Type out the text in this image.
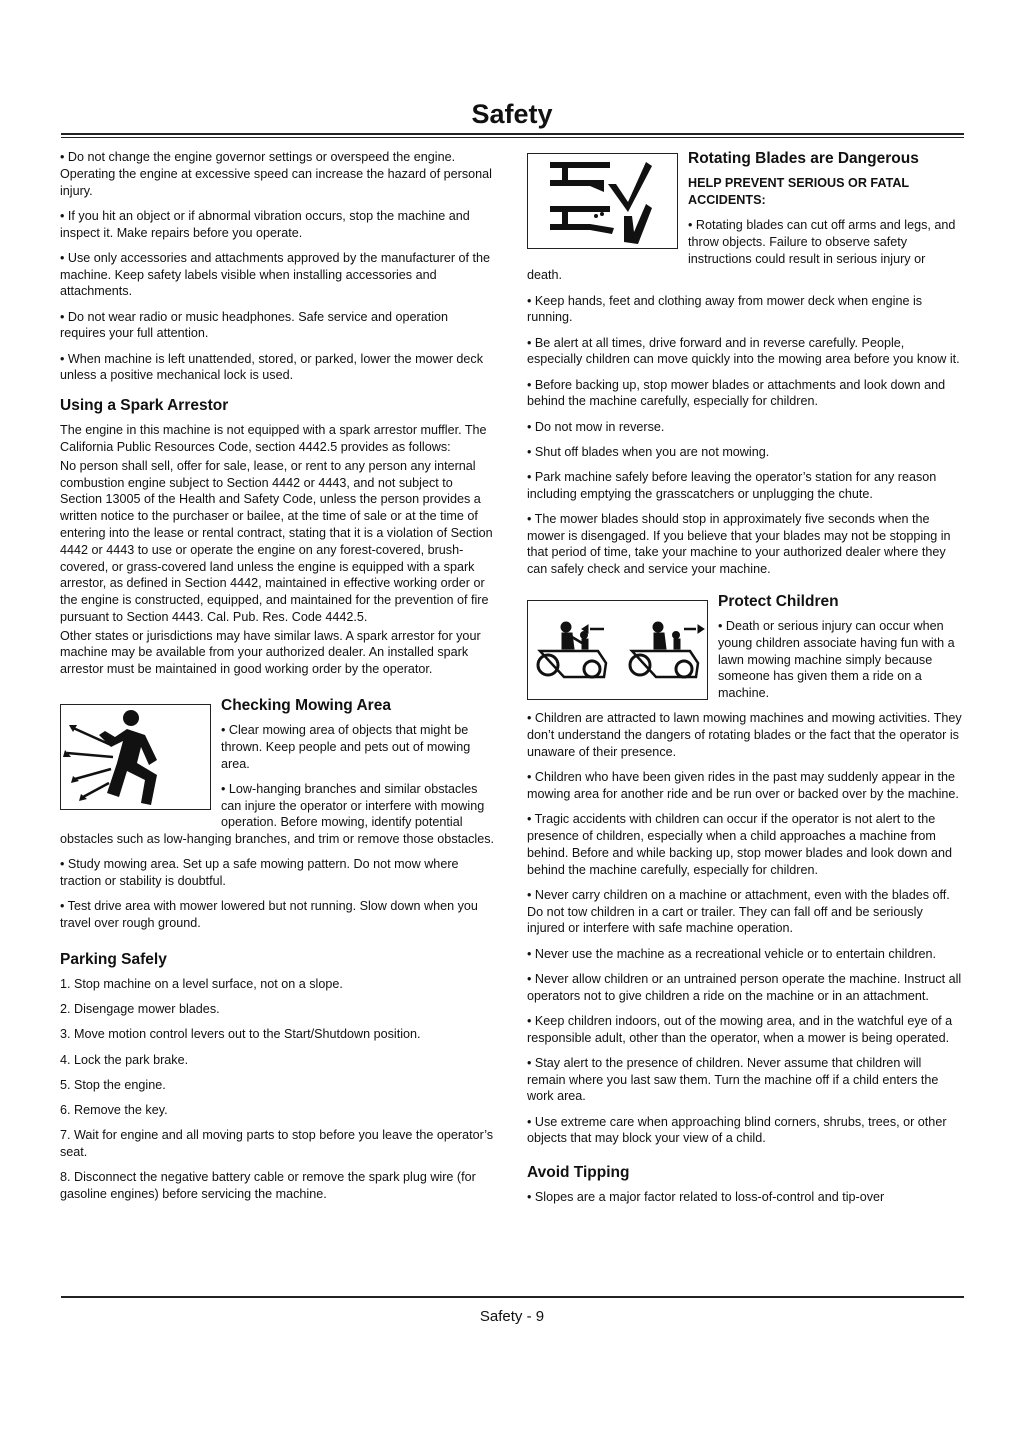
Safety

• Do not change the engine governor settings or overspeed the engine. Operating the engine at excessive speed can increase the hazard of personal injury.

• If you hit an object or if abnormal vibration occurs, stop the machine and inspect it. Make repairs before you operate.

• Use only accessories and attachments approved by the manufacturer of the machine. Keep safety labels visible when installing accessories and attachments.

• Do not wear radio or music headphones. Safe service and operation requires your full attention.

• When machine is left unattended, stored, or parked, lower the mower deck unless a positive mechanical lock is used.

Using a Spark Arrestor

The engine in this machine is not equipped with a spark arrestor muffler. The California Public Resources Code, section 4442.5 provides as follows:

No person shall sell, offer for sale, lease, or rent to any person any internal combustion engine subject to Section 4442 or 4443, and not subject to Section 13005 of the Health and Safety Code, unless the person provides a written notice to the purchaser or bailee, at the time of sale or at the time of entering into the lease or rental contract, stating that it is a violation of Section 4442 or 4443 to use or operate the engine on any forest-covered, brush-covered, or grass-covered land unless the engine is equipped with a spark arrestor, as defined in Section 4442, maintained in effective working order or the engine is constructed, equipped, and maintained for the prevention of fire pursuant to Section 4443. Cal. Pub. Res. Code 4442.5.

Other states or jurisdictions may have similar laws. A spark arrestor for your machine may be available from your authorized dealer. An installed spark arrestor must be maintained in good working order by the operator.

Checking Mowing Area

• Clear mowing area of objects that might be thrown. Keep people and pets out of mowing area.

• Low-hanging branches and similar obstacles can injure the operator or interfere with mowing operation. Before mowing, identify potential obstacles such as low-hanging branches, and trim or remove those obstacles.

• Study mowing area. Set up a safe mowing pattern. Do not mow where traction or stability is doubtful.

• Test drive area with mower lowered but not running. Slow down when you travel over rough ground.

Parking Safely

1. Stop machine on a level surface, not on a slope.

2. Disengage mower blades.

3. Move motion control levers out to the Start/Shutdown position.

4. Lock the park brake.

5. Stop the engine.

6. Remove the key.

7. Wait for engine and all moving parts to stop before you leave the operator’s seat.

8. Disconnect the negative battery cable or remove the spark plug wire (for gasoline engines) before servicing the machine.

Rotating Blades are Dangerous

HELP PREVENT SERIOUS OR FATAL ACCIDENTS:

• Rotating blades can cut off arms and legs, and throw objects. Failure to observe safety instructions could result in serious injury or death.

• Keep hands, feet and clothing away from mower deck when engine is running.

• Be alert at all times, drive forward and in reverse carefully. People, especially children can move quickly into the mowing area before you know it.

• Before backing up, stop mower blades or attachments and look down and behind the machine carefully, especially for children.

• Do not mow in reverse.

• Shut off blades when you are not mowing.

• Park machine safely before leaving the operator’s station for any reason including emptying the grasscatchers or unplugging the chute.

• The mower blades should stop in approximately five seconds when the mower is disengaged. If you believe that your blades may not be stopping in that period of time, take your machine to your authorized dealer where they can safely check and service your machine.

Protect Children

• Death or serious injury can occur when young children associate having fun with a lawn mowing machine simply because someone has given them a ride on a machine.

• Children are attracted to lawn mowing machines and mowing activities. They don’t understand the dangers of rotating blades or the fact that the operator is unaware of their presence.

• Children who have been given rides in the past may suddenly appear in the mowing area for another ride and be run over or backed over by the machine.

• Tragic accidents with children can occur if the operator is not alert to the presence of children, especially when a child approaches a machine from behind. Before and while backing up, stop mower blades and look down and behind the machine carefully, especially for children.

• Never carry children on a machine or attachment, even with the blades off. Do not tow children in a cart or trailer. They can fall off and be seriously injured or interfere with safe machine operation.

• Never use the machine as a recreational vehicle or to entertain children.

• Never allow children or an untrained person operate the machine. Instruct all operators not to give children a ride on the machine or in an attachment.

• Keep children indoors, out of the mowing area, and in the watchful eye of a responsible adult, other than the operator, when a mower is being operated.

• Stay alert to the presence of children. Never assume that children will remain where you last saw them. Turn the machine off if a child enters the work area.

• Use extreme care when approaching blind corners, shrubs, trees, or other objects that may block your view of a child.

Avoid Tipping

• Slopes are a major factor related to loss-of-control and tip-over

Safety - 9
